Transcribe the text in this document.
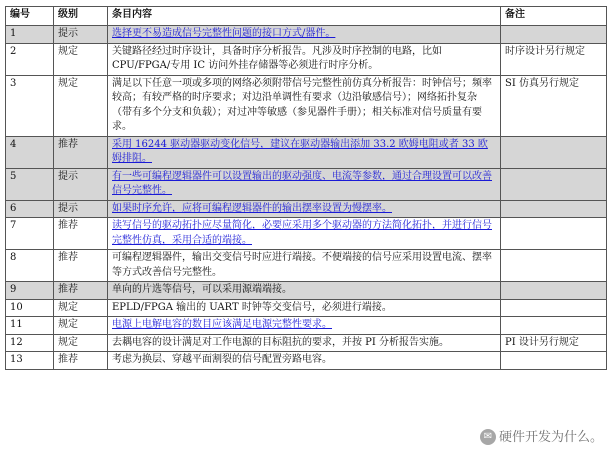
编号	级别	条目内容	备注
1	提示	选择更不易造成信号完整性问题的接口方式/器件。	
2	规定	关键路径经过时序设计，具备时序分析报告。凡涉及时序控制的电路，比如CPU/FPGA/专用 IC 访问外挂存储器等必须进行时序分析。	时序设计另行规定
3	规定	满足以下任意一项或多项的网络必须附带信号完整性前仿真分析报告：时钟信号；频率较高；有较严格的时序要求；对边沿单调性有要求（边沿敏感信号）；网络拓扑复杂（带有多个分支和负载）；对过冲等敏感（参见器件手册）；相关标准对信号质量有要求。	SI 仿真另行规定
4	推荐	采用 16244 驱动器驱动变化信号，建议在驱动器输出添加 33.2 欧姆电阻或者 33 欧姆排阻。	
5	提示	有一些可编程逻辑器件可以设置输出的驱动强度、电流等参数，通过合理设置可以改善信号完整性。	
6	提示	如果时序允许，应将可编程逻辑器件的输出摆率设置为慢摆率。	
7	推荐	读写信号的驱动拓扑应尽量简化，必要应采用多个驱动器的方法简化拓扑，并进行信号完整性仿真，采用合适的端接。	
8	推荐	可编程逻辑器件，输出交变信号时应进行端接。不便端接的信号应采用设置电流、摆率等方式改善信号完整性。	
9	推荐	单向的片选等信号，可以采用源端端接。	
10	规定	EPLD/FPGA 输出的 UART 时钟等交变信号，必须进行端接。	
11	规定	电源上电解电容的数目应该满足电源完整性要求。	
12	规定	去耦电容的设计满足对工作电源的目标阻抗的要求，并按 PI 分析报告实施。	PI 设计另行规定
13	推荐	考虑为换层、穿越平面割裂的信号配置旁路电容。	
✉ 硬件开发为什么。
